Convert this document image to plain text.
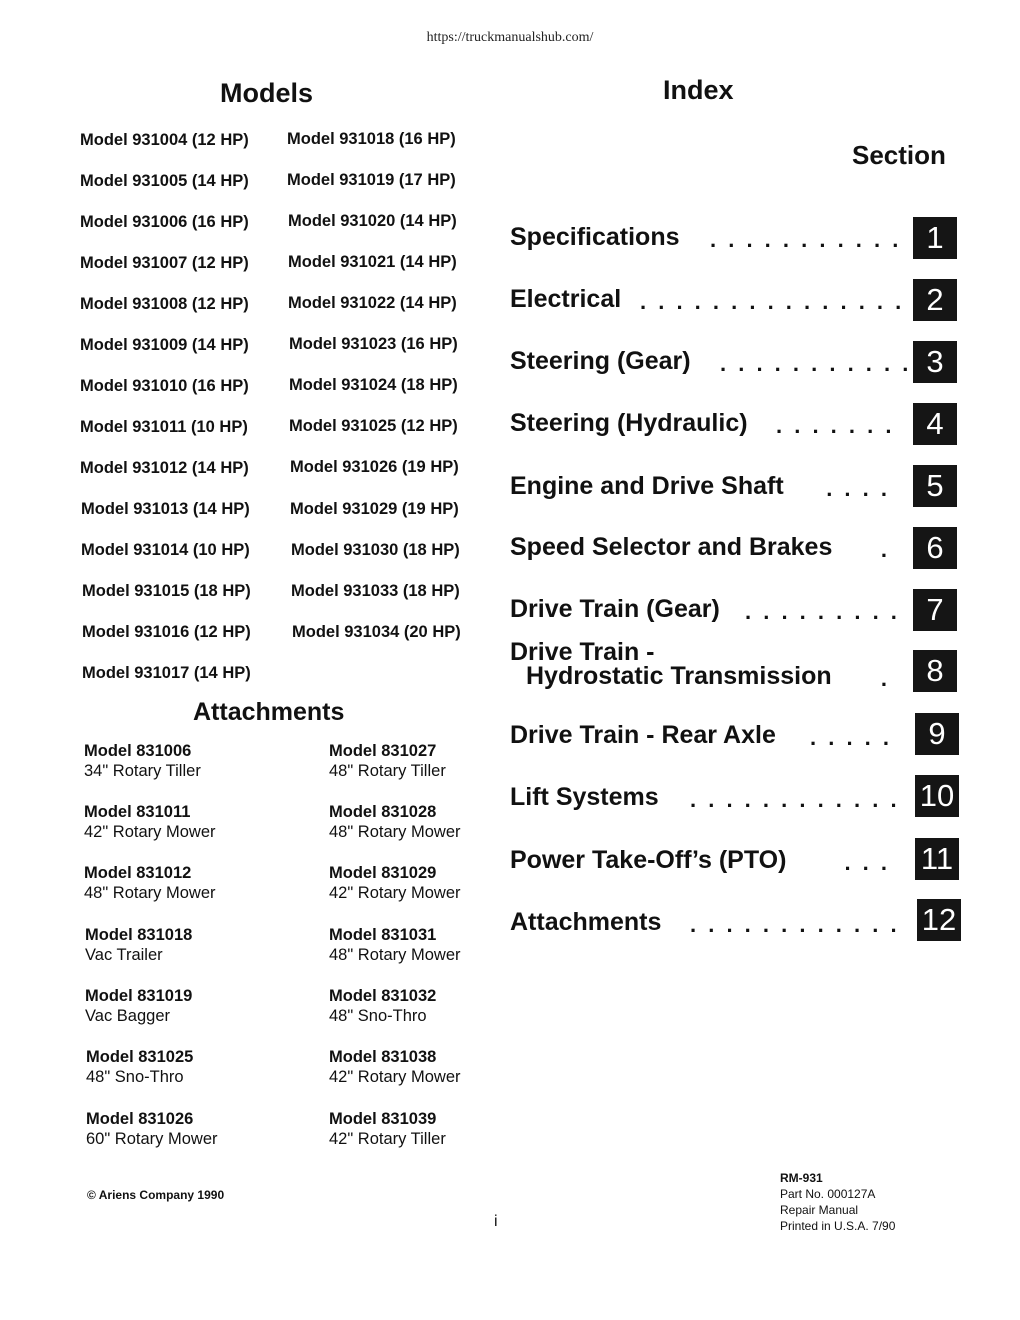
https://truckmanualshub.com/
Models	Index
Section
Attachments
Model 931004 (12 HP)
Model 931005 (14 HP)
Model 931006 (16 HP)
Model 931007 (12 HP)
Model 931008 (12 HP)
Model 931009 (14 HP)
Model 931010 (16 HP)
Model 931011 (10 HP)
Model 931012 (14 HP)
Model 931013 (14 HP)
Model 931014 (10 HP)
Model 931015 (18 HP)
Model 931016 (12 HP)
Model 931017 (14 HP)
Model 931018 (16 HP)
Model 931019 (17 HP)
Model 931020 (14 HP)
Model 931021 (14 HP)
Model 931022 (14 HP)
Model 931023 (16 HP)
Model 931024 (18 HP)
Model 931025 (12 HP)
Model 931026 (19 HP)
Model 931029 (19 HP)
Model 931030 (18 HP)
Model 931033 (18 HP)
Model 931034 (20 HP)
Model 831006
34" Rotary Tiller
Model 831011
42" Rotary Mower
Model 831012
48" Rotary Mower
Model 831018
Vac Trailer
Model 831019
Vac Bagger
Model 831025
48" Sno-Thro
Model 831026
60" Rotary Mower
Model 831027
48" Rotary Tiller
Model 831028
48" Rotary Mower
Model 831029
42" Rotary Mower
Model 831031
48" Rotary Mower
Model 831032
48" Sno-Thro
Model 831038
42" Rotary Mower
Model 831039
42" Rotary Tiller
Specifications . . . . . . . . . . . 1
Electrical . . . . . . . . . . . . . . . 2
Steering (Gear) . . . . . . . . . . . 3
Steering (Hydraulic) . . . . . . .	4
Engine and Drive Shaft . . . .	5
Speed Selector and Brakes	.	6
Drive Train (Gear) . . . . . . . . . 7
Drive Train -
Hydrostatic Transmission	.	8
Drive Train - Rear Axle . . . . .	9
Lift Systems . . . . . . . . . . . . 10
Power Take-Off’s (PTO)	. . . 11
Attachments . . . . . . . . . . . . 12
© Ariens Company 1990
i
RM-931
Part No. 000127A
Repair Manual
Printed in U.S.A. 7/90
